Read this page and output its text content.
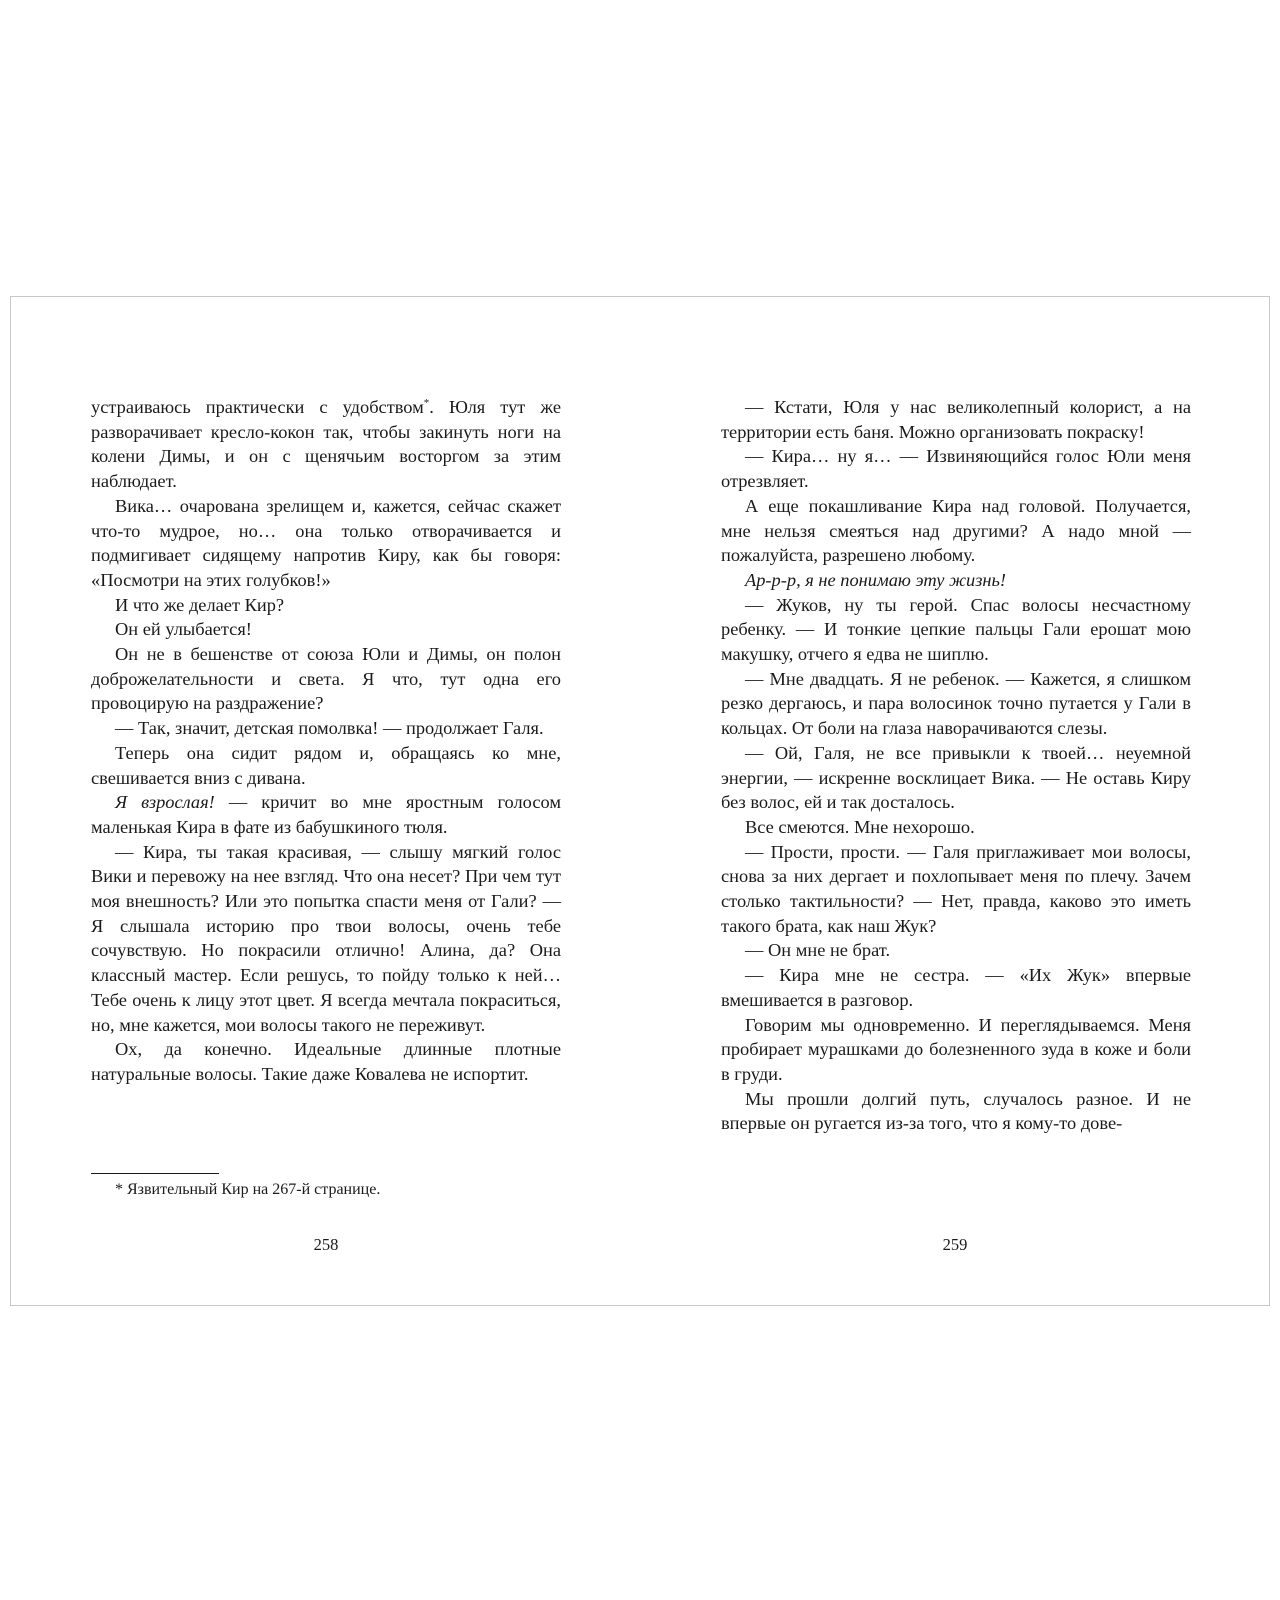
устраиваюсь практически с удобством*. Юля тут же разворачивает кресло-кокон так, чтобы закинуть ноги на колени Димы, и он с щенячьим восторгом за этим наблюдает.

Вика… очарована зрелищем и, кажется, сейчас скажет что-то мудрое, но… она только отворачивается и подмигивает сидящему напротив Киру, как бы говоря: «Посмотри на этих голубков!»

И что же делает Кир?

Он ей улыбается!

Он не в бешенстве от союза Юли и Димы, он полон доброжелательности и света. Я что, тут одна его провоцирую на раздражение?

— Так, значит, детская помолвка! — продолжает Галя.

Теперь она сидит рядом и, обращаясь ко мне, свешивается вниз с дивана.

Я взрослая! — кричит во мне яростным голосом маленькая Кира в фате из бабушкиного тюля.

— Кира, ты такая красивая, — слышу мягкий голос Вики и перевожу на нее взгляд. Что она несет? При чем тут моя внешность? Или это попытка спасти меня от Гали? — Я слышала историю про твои волосы, очень тебе сочувствую. Но покрасили отлично! Алина, да? Она классный мастер. Если решусь, то пойду только к ней… Тебе очень к лицу этот цвет. Я всегда мечтала покраситься, но, мне кажется, мои волосы такого не переживут.

Ох, да конечно. Идеальные длинные плотные натуральные волосы. Такие даже Ковалева не испортит.

* Язвительный Кир на 267-й странице.
258

— Кстати, Юля у нас великолепный колорист, а на территории есть баня. Можно организовать покраску!

— Кира… ну я… — Извиняющийся голос Юли меня отрезвляет.

А еще покашливание Кира над головой. Получается, мне нельзя смеяться над другими? А надо мной — пожалуйста, разрешено любому.

Ар-р-р, я не понимаю эту жизнь!

— Жуков, ну ты герой. Спас волосы несчастному ребенку. — И тонкие цепкие пальцы Гали ерошат мою макушку, отчего я едва не шиплю.

— Мне двадцать. Я не ребенок. — Кажется, я слишком резко дергаюсь, и пара волосинок точно путается у Гали в кольцах. От боли на глаза наворачиваются слезы.

— Ой, Галя, не все привыкли к твоей… неуемной энергии, — искренне восклицает Вика. — Не оставь Киру без волос, ей и так досталось.

Все смеются. Мне нехорошо.

— Прости, прости. — Галя приглаживает мои волосы, снова за них дергает и похлопывает меня по плечу. Зачем столько тактильности? — Нет, правда, каково это иметь такого брата, как наш Жук?

— Он мне не брат.

— Кира мне не сестра. — «Их Жук» впервые вмешивается в разговор.

Говорим мы одновременно. И переглядываемся. Меня пробирает мурашками до болезненного зуда в коже и боли в груди.

Мы прошли долгий путь, случалось разное. И не впервые он ругается из-за того, что я кому-то дове-

259
